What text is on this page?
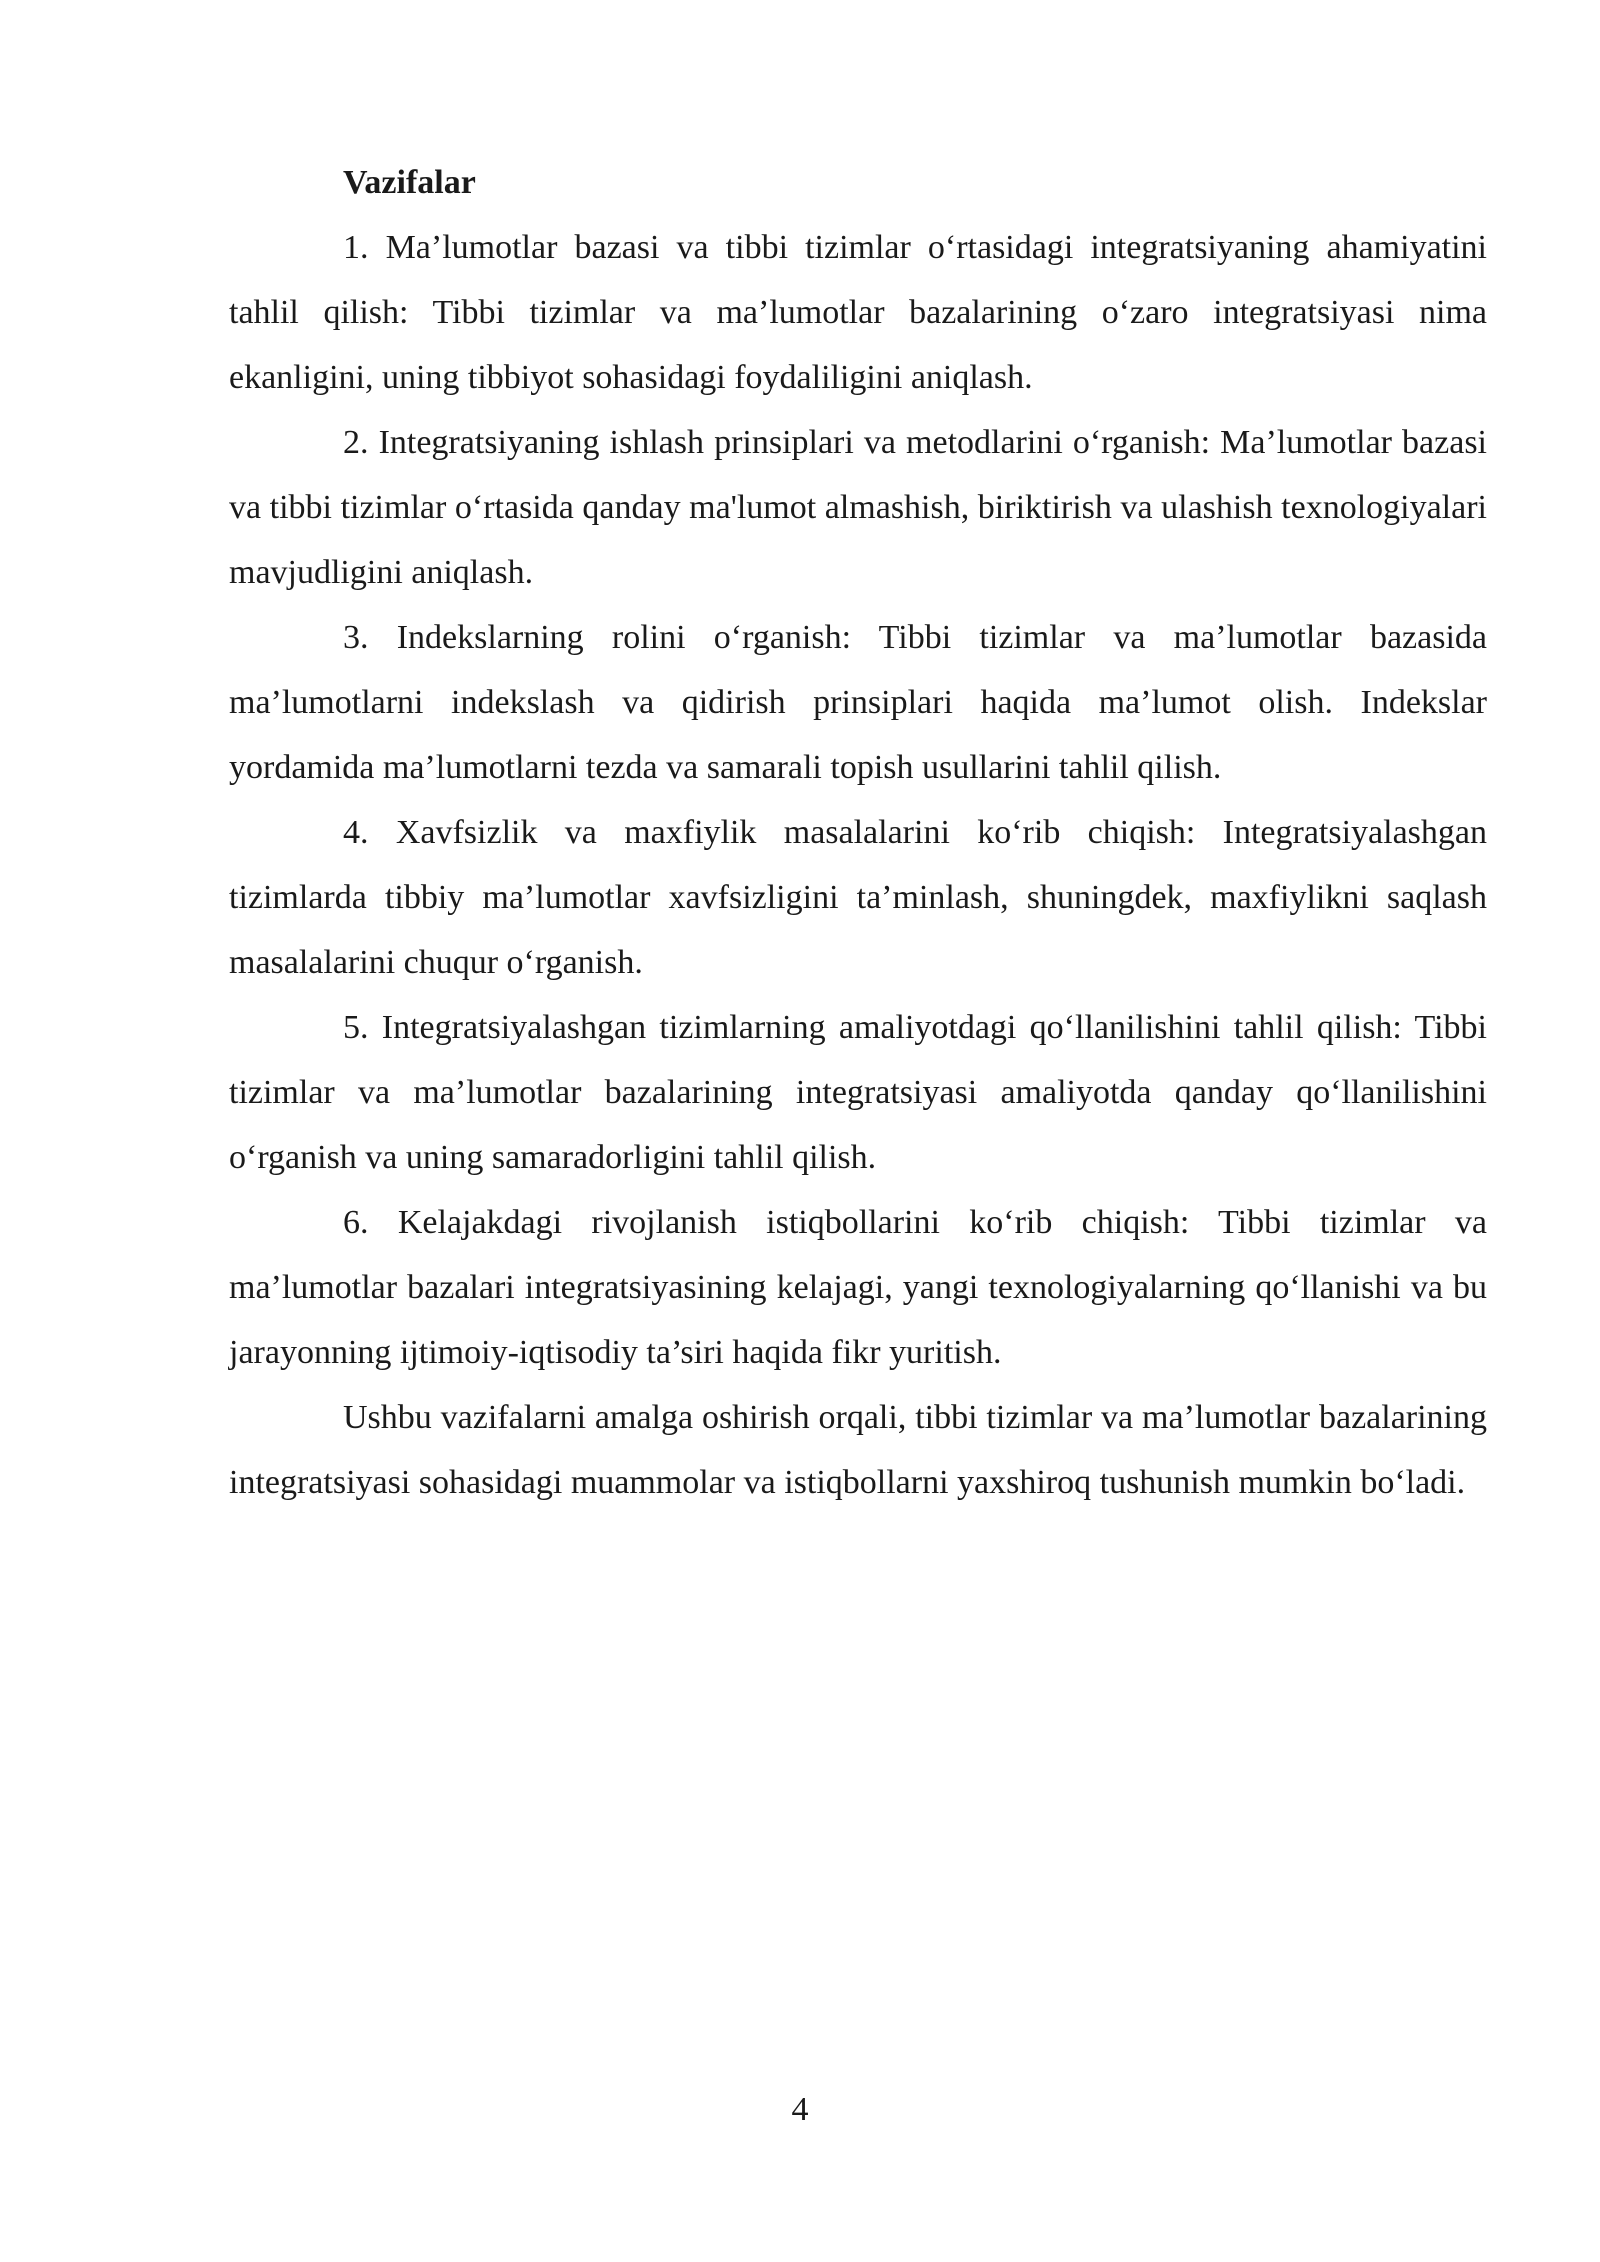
Vazifalar

1. Ma’lumotlar bazasi va tibbi tizimlar o‘rtasidagi integratsiyaning ahamiyatini tahlil qilish: Tibbi tizimlar va ma’lumotlar bazalarining o‘zaro integratsiyasi nima ekanligini, uning tibbiyot sohasidagi foydaliligini aniqlash.

2. Integratsiyaning ishlash prinsiplari va metodlarini o‘rganish: Ma’lumotlar bazasi va tibbi tizimlar o‘rtasida qanday ma'lumot almashish, biriktirish va ulashish texnologiyalari mavjudligini aniqlash.

3. Indekslarning rolini o‘rganish: Tibbi tizimlar va ma’lumotlar bazasida ma’lumotlarni indekslash va qidirish prinsiplari haqida ma’lumot olish. Indekslar yordamida ma’lumotlarni tezda va samarali topish usullarini tahlil qilish.

4. Xavfsizlik va maxfiylik masalalarini ko‘rib chiqish: Integratsiyalashgan tizimlarda tibbiy ma’lumotlar xavfsizligini ta’minlash, shuningdek, maxfiylikni saqlash masalalarini chuqur o‘rganish.

5. Integratsiyalashgan tizimlarning amaliyotdagi qo‘llanilishini tahlil qilish: Tibbi tizimlar va ma’lumotlar bazalarining integratsiyasi amaliyotda qanday qo‘llanilishini o‘rganish va uning samaradorligini tahlil qilish.

6. Kelajakdagi rivojlanish istiqbollarini ko‘rib chiqish: Tibbi tizimlar va ma’lumotlar bazalari integratsiyasining kelajagi, yangi texnologiyalarning qo‘llanishi va bu jarayonning ijtimoiy-iqtisodiy ta’siri haqida fikr yuritish.

Ushbu vazifalarni amalga oshirish orqali, tibbi tizimlar va ma’lumotlar bazalarining integratsiyasi sohasidagi muammolar va istiqbollarni yaxshiroq tushunish mumkin bo‘ladi.

4
